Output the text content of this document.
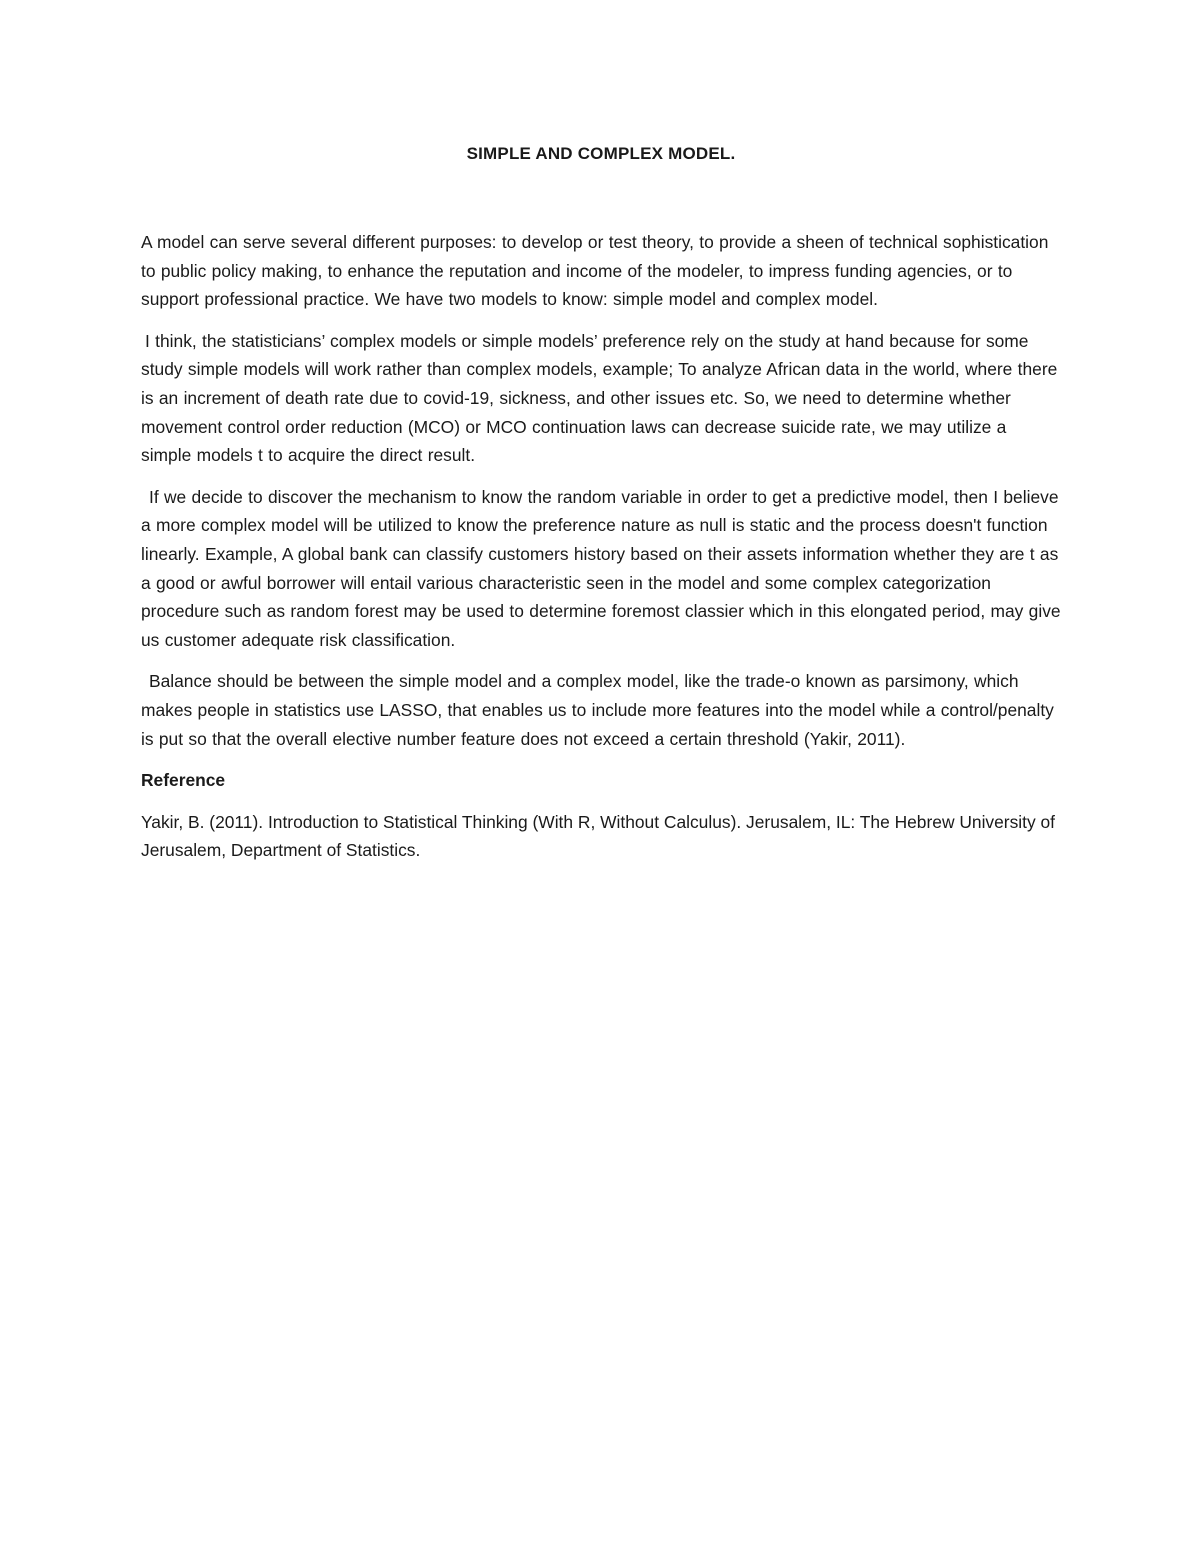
SIMPLE AND COMPLEX MODEL.

A model can serve several different purposes: to develop or test theory, to provide a sheen of technical sophistication to public policy making, to enhance the reputation and income of the modeler, to impress funding agencies, or to support professional practice. We have two models to know: simple model and complex model.

I think, the statisticians’ complex models or simple models’ preference rely on the study at hand because for some study simple models will work rather than complex models, example; To analyze African data in the world, where there is an increment of death rate due to covid-19, sickness, and other issues etc. So, we need to determine whether movement control order reduction (MCO) or MCO continuation laws can decrease suicide rate, we may utilize a simple models t to acquire the direct result.

If we decide to discover the mechanism to know the random variable in order to get a predictive model, then I believe a more complex model will be utilized to know the preference nature as null is static and the process doesn't function linearly. Example, A global bank can classify customers history based on their assets information whether they are t as a good or awful borrower will entail various characteristic seen in the model and some complex categorization procedure such as random forest may be used to determine foremost classier which in this elongated period, may give us customer adequate risk classification.

Balance should be between the simple model and a complex model, like the trade-o known as parsimony, which makes people in statistics use LASSO, that enables us to include more features into the model while a control/penalty is put so that the overall elective number feature does not exceed a certain threshold (Yakir, 2011).

Reference

Yakir, B. (2011). Introduction to Statistical Thinking (With R, Without Calculus). Jerusalem, IL: The Hebrew University of Jerusalem, Department of Statistics.
